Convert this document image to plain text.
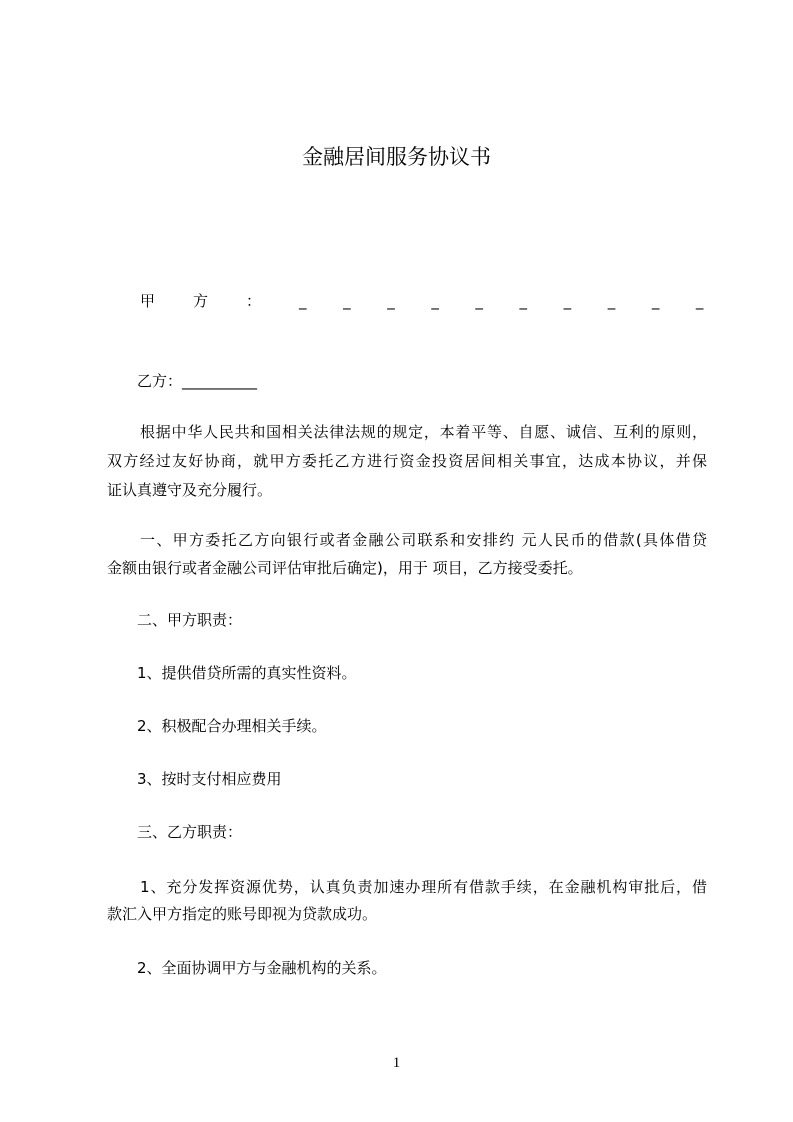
金融居间服务协议书
甲方：__________
乙方：__________
根据中华人民共和国相关法律法规的规定，本着平等、自愿、诚信、互利的原则，
双方经过友好协商，就甲方委托乙方进行资金投资居间相关事宜，达成本协议，并保
证认真遵守及充分履行。
一、甲方委托乙方向银行或者金融公司联系和安排约 元人民币的借款(具体借贷
金额由银行或者金融公司评估审批后确定)，用于 项目，乙方接受委托。
二、甲方职责：
1、提供借贷所需的真实性资料。
2、积极配合办理相关手续。
3、按时支付相应费用
三、乙方职责：
1、充分发挥资源优势，认真负责加速办理所有借款手续，在金融机构审批后，借
款汇入甲方指定的账号即视为贷款成功。
2、全面协调甲方与金融机构的关系。
1
